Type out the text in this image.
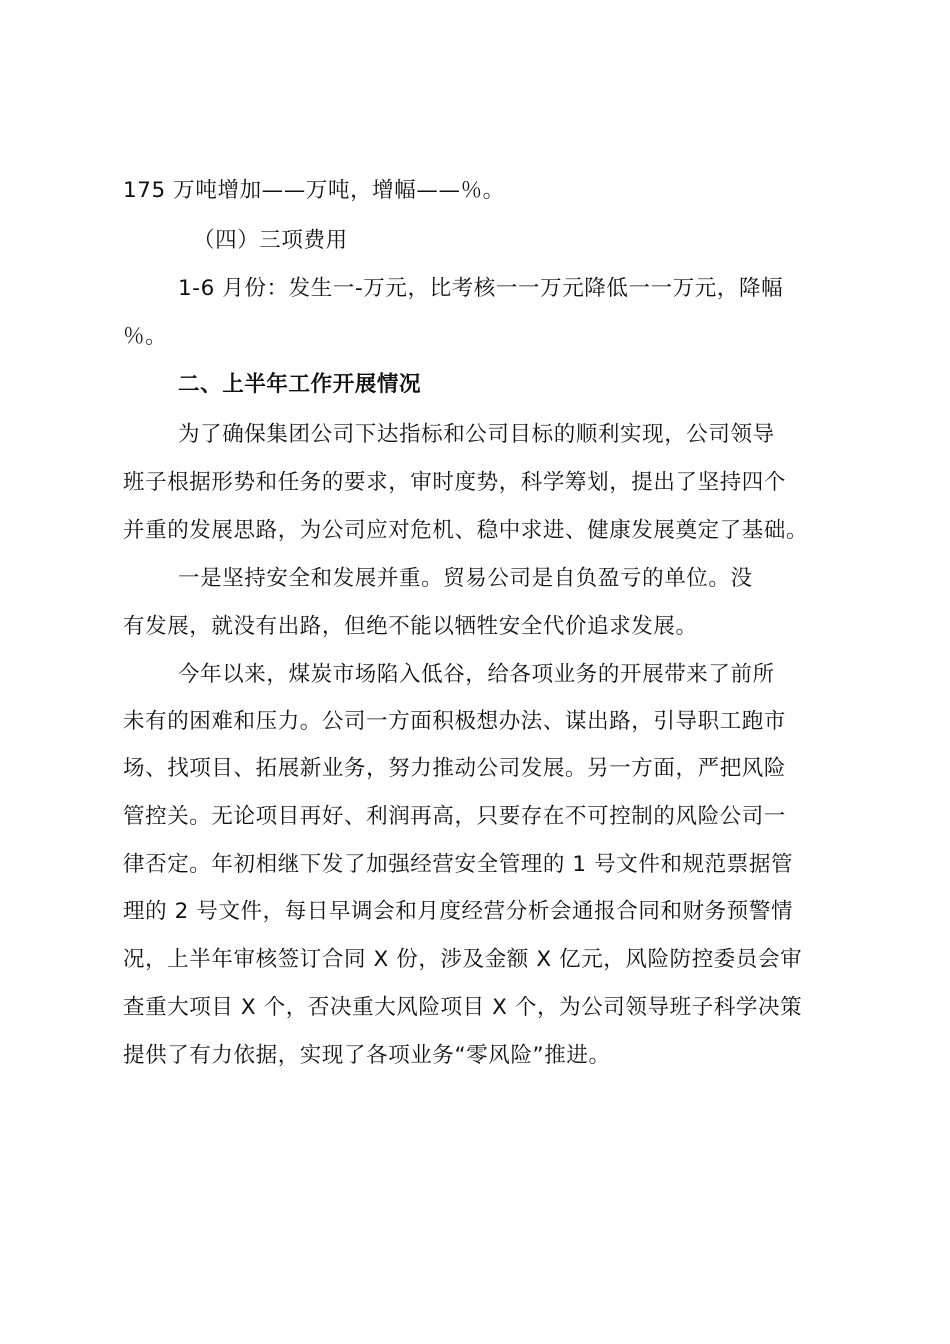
175 万吨增加——万吨，增幅——％。
（四）三项费用
1-6 月份：发生一-万元，比考核一一万元降低一一万元，降幅
％。
二、上半年工作开展情况
为了确保集团公司下达指标和公司目标的顺利实现，公司领导
班子根据形势和任务的要求，审时度势，科学筹划，提出了坚持四个
并重的发展思路，为公司应对危机、稳中求进、健康发展奠定了基础。
一是坚持安全和发展并重。贸易公司是自负盈亏的单位。没
有发展，就没有出路，但绝不能以牺牲安全代价追求发展。
今年以来，煤炭市场陷入低谷，给各项业务的开展带来了前所
未有的困难和压力。公司一方面积极想办法、谋出路，引导职工跑市
场、找项目、拓展新业务，努力推动公司发展。另一方面，严把风险
管控关。无论项目再好、利润再高，只要存在不可控制的风险公司一
律否定。年初相继下发了加强经营安全管理的 1 号文件和规范票据管
理的 2 号文件，每日早调会和月度经营分析会通报合同和财务预警情
况，上半年审核签订合同 X 份，涉及金额 X 亿元，风险防控委员会审
查重大项目 X 个，否决重大风险项目 X 个，为公司领导班子科学决策
提供了有力依据，实现了各项业务“零风险”推进。
